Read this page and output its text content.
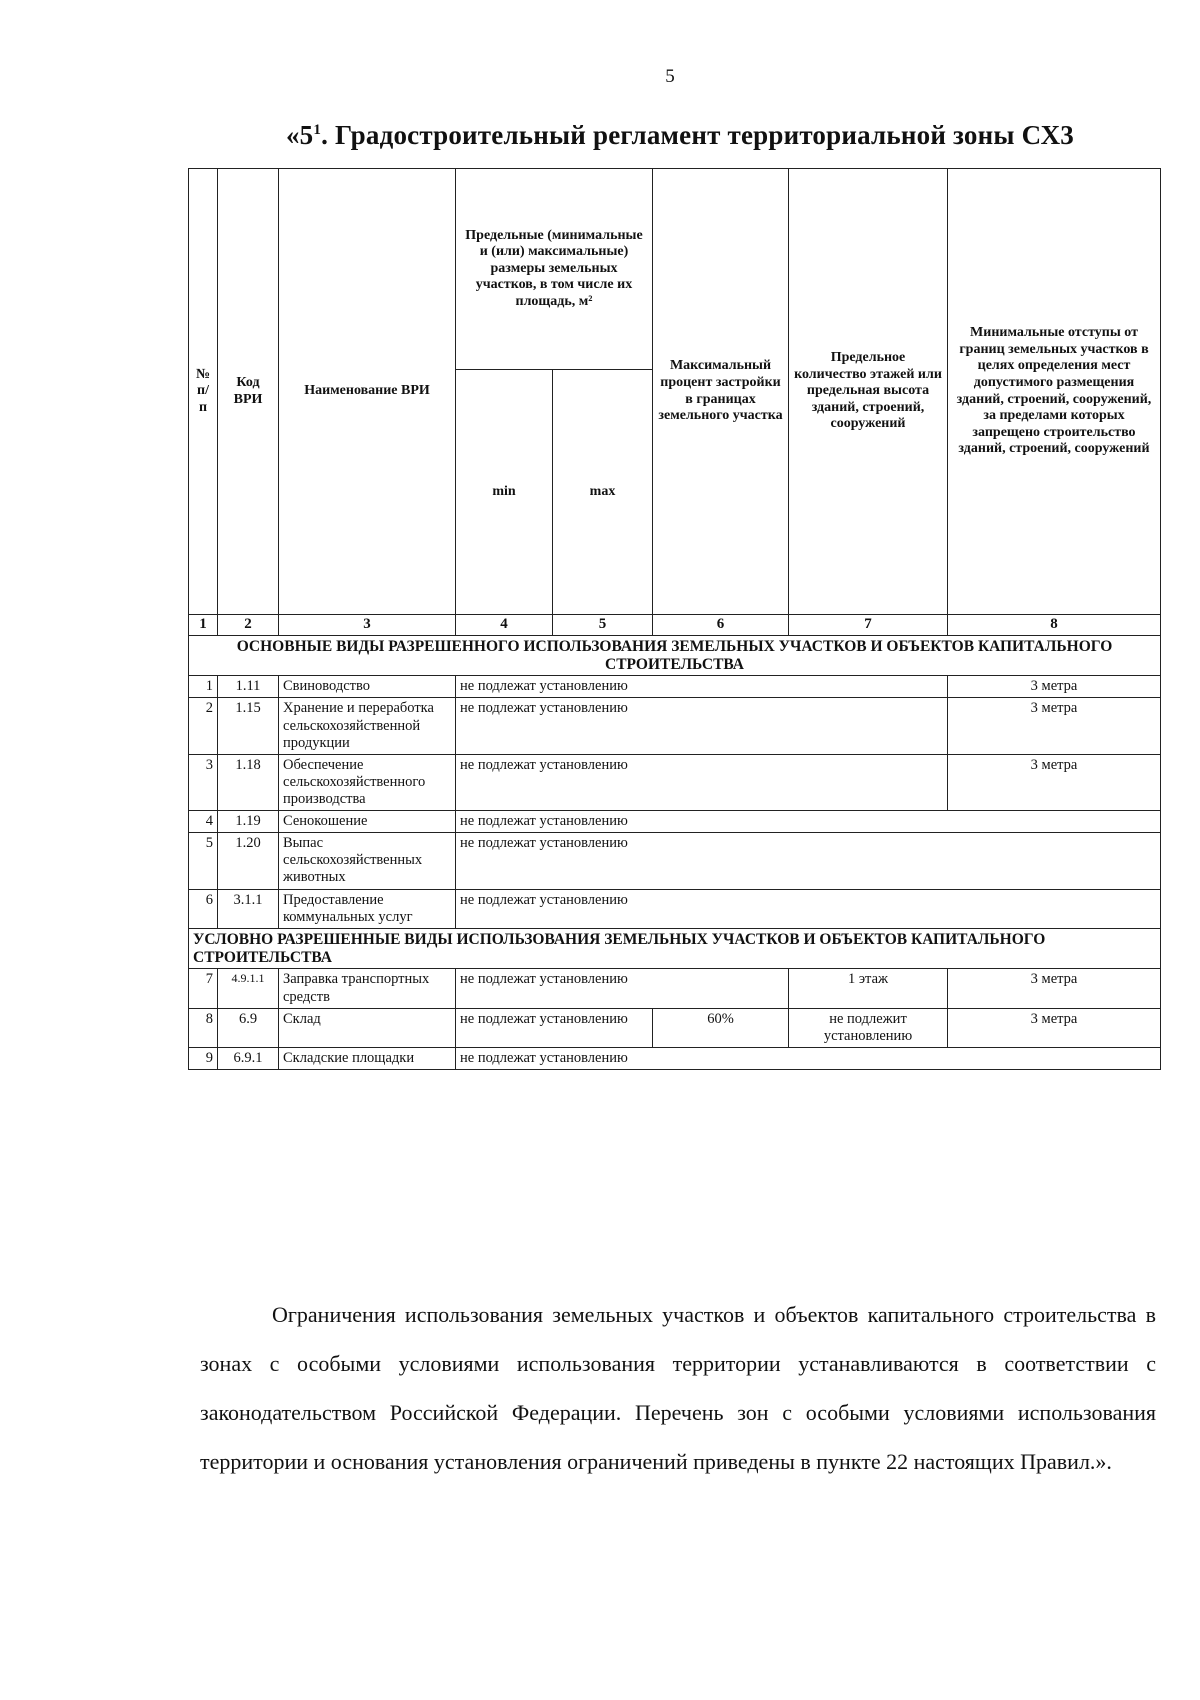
5
«$5^1$. Градостроительный регламент территориальной зоны СХ3
№ п/п	Код ВРИ	Наименование ВРИ	Предельные (минимальные и (или) максимальные) размеры земельных участков, в том числе их площадь, м²		Максимальный процент застройки в границах земельного участка	Предельное количество этажей или предельная высота зданий, строений, сооружений	Минимальные отступы от границ земельных участков в целях определения мест допустимого размещения зданий, строений, сооружений, за пределами которых запрещено строительство зданий, строений, сооружений
			min	max			
1	2	3	4	5	6	7	8
ОСНОВНЫЕ ВИДЫ РАЗРЕШЕННОГО ИСПОЛЬЗОВАНИЯ ЗЕМЕЛЬНЫХ УЧАСТКОВ И ОБЪЕКТОВ КАПИТАЛЬНОГО СТРОИТЕЛЬСТВА							
1	1.11	Свиноводство	не подлежат установлению				3 метра
2	1.15	Хранение и переработка сельскохозяйственной продукции	не подлежат установлению				3 метра
3	1.18	Обеспечение сельскохозяйственного производства	не подлежат установлению				3 метра
4	1.19	Сенокошение	не подлежат установлению				
5	1.20	Выпас сельскохозяйственных животных	не подлежат установлению				
6	3.1.1	Предоставление коммунальных услуг	не подлежат установлению				
УСЛОВНО РАЗРЕШЕННЫЕ ВИДЫ ИСПОЛЬЗОВАНИЯ ЗЕМЕЛЬНЫХ УЧАСТКОВ И ОБЪЕКТОВ КАПИТАЛЬНОГО СТРОИТЕЛЬСТВА							
7	4.9.1.1	Заправка транспортных средств	не подлежат установлению			1 этаж	3 метра
8	6.9	Склад	не подлежат установлению		60%	не подлежит установлению	3 метра
9	6.9.1	Складские площадки	не подлежат установлению				
Ограничения использования земельных участков и объектов капитального строительства в зонах с особыми условиями использования территории устанавливаются в соответствии с законодательством Российской Федерации. Перечень зон с особыми условиями использования территории и основания установления ограничений приведены в пункте 22 настоящих Правил.».
